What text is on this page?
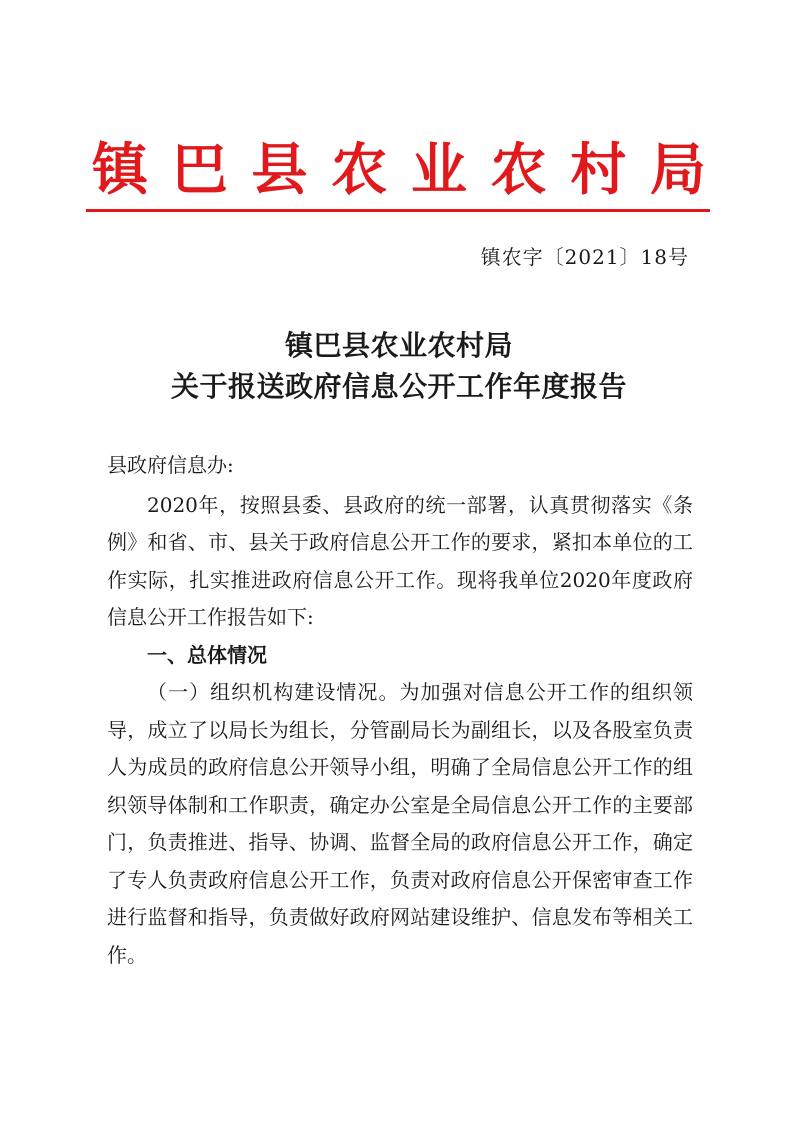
镇 巴 县 农 业 农 村 局
镇农字〔2021〕18号
镇巴县农业农村局
关于报送政府信息公开工作年度报告

县政府信息办:

2020年，按照县委、县政府的统一部署，认真贯彻落实《条例》和省、市、县关于政府信息公开工作的要求，紧扣本单位的工作实际，扎实推进政府信息公开工作。现将我单位2020年度政府信息公开工作报告如下:

一、总体情况

（一）组织机构建设情况。为加强对信息公开工作的组织领导，成立了以局长为组长，分管副局长为副组长，以及各股室负责人为成员的政府信息公开领导小组，明确了全局信息公开工作的组织领导体制和工作职责，确定办公室是全局信息公开工作的主要部门，负责推进、指导、协调、监督全局的政府信息公开工作，确定了专人负责政府信息公开工作，负责对政府信息公开保密审查工作进行监督和指导，负责做好政府网站建设维护、信息发布等相关工作。
